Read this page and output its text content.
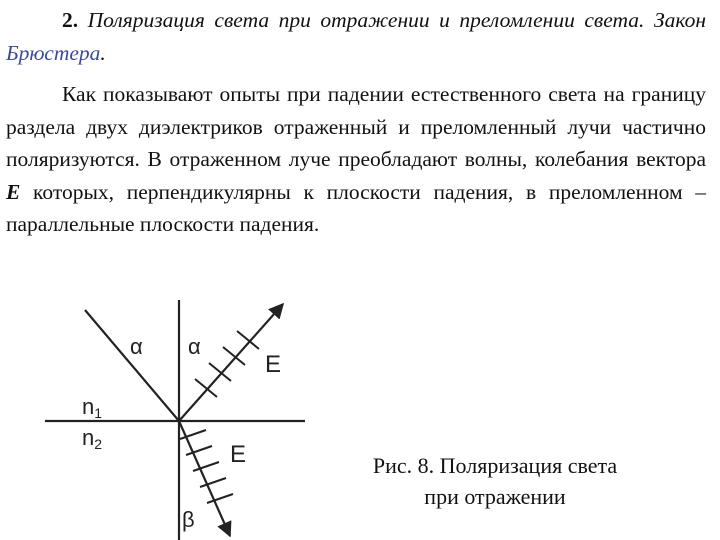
2. Поляризация света при отражении и преломлении света. Закон Брюстера.

Как показывают опыты при падении естественного света на границу раздела двух диэлектриков отраженный и преломленный лучи частично поляризуются. В отраженном луче преобладают волны, колебания вектора E которых, перпендикулярны к плоскости падения, в преломленном – параллельные плоскости падения.

α α
E
E
β
n1
n2
Рис. 8. Поляризация света
при отражении
